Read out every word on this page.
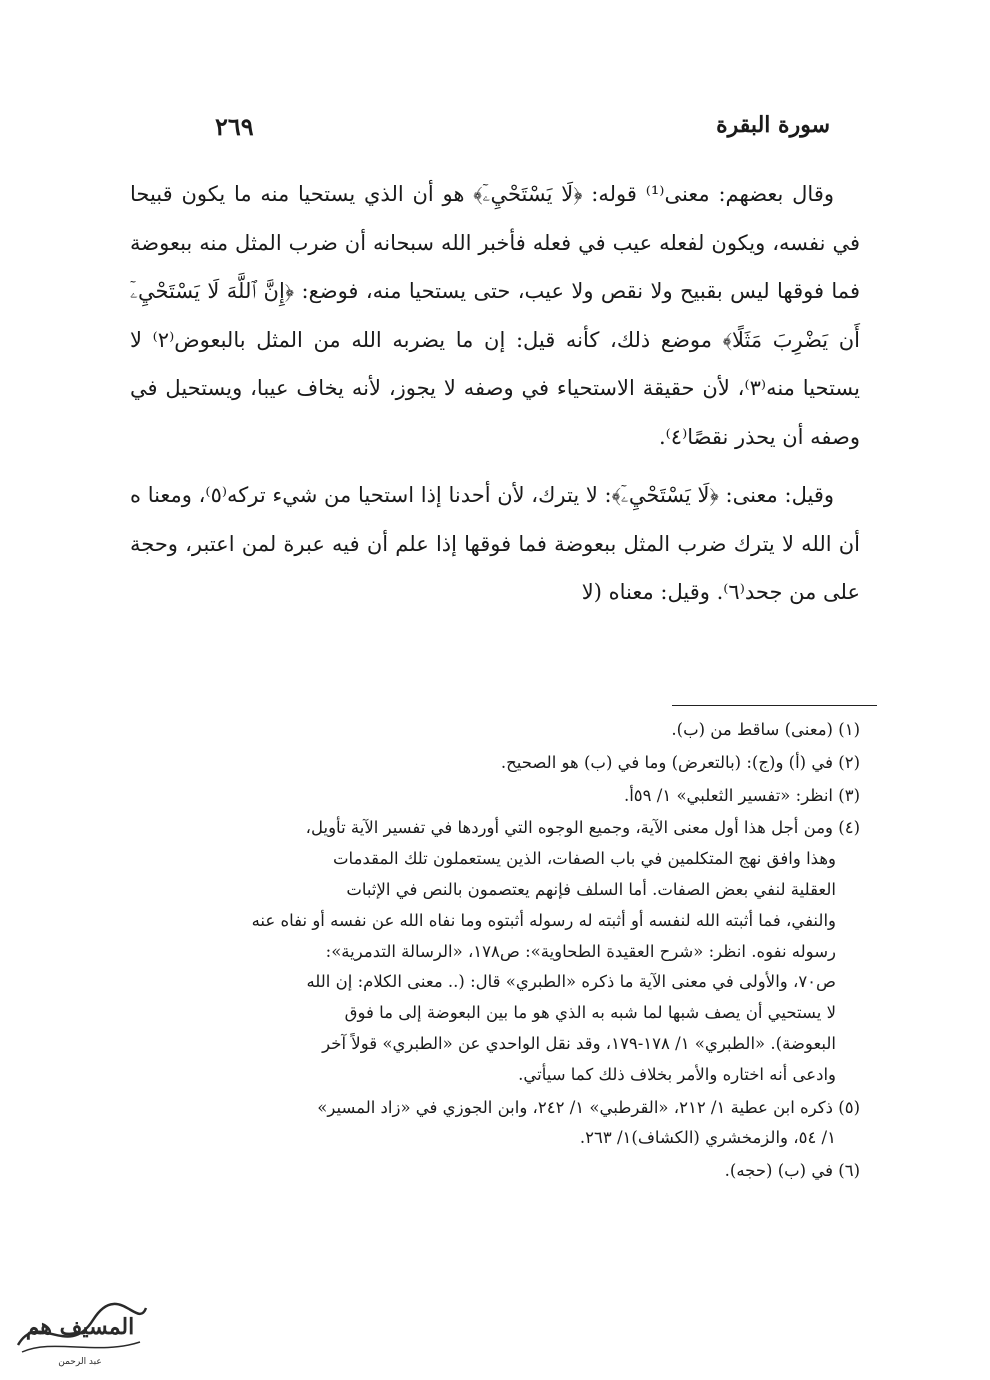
سورة البقرة
٢٦٩

وقال بعضهم: معنى⁽¹⁾ قوله: ﴿لَا يَسْتَحْيِۦٓ﴾ هو أن الذي يستحيا منه ما يكون قبيحا في نفسه، ويكون لفعله عيب في فعله فأخبر الله سبحانه أن ضرب المثل منه ببعوضة فما فوقها ليس بقبيح ولا نقص ولا عيب، حتى يستحيا منه، فوضع: ﴿إِنَّ ٱللَّهَ لَا يَسْتَحْيِۦٓ أَن يَضْرِبَ مَثَلًا﴾ موضع ذلك، كأنه قيل: إن ما يضربه الله من المثل بالبعوض⁽٢⁾ لا يستحيا منه⁽٣⁾، لأن حقيقة الاستحياء في وصفه لا يجوز، لأنه يخاف عيبا، ويستحيل في وصفه أن يحذر نقصًا⁽٤⁾.

وقيل: معنى: ﴿لَا يَسْتَحْيِۦٓ﴾: لا يترك، لأن أحدنا إذا استحيا من شيء تركه⁽٥⁾، ومعنا ه أن الله لا يترك ضرب المثل ببعوضة فما فوقها إذا علم أن فيه عبرة لمن اعتبر، وحجة على من جحد⁽٦⁾. وقيل: معناه (لا

(١) (معنى) ساقط من (ب).
(٢) في (أ) و(ج): (بالتعرض) وما في (ب) هو الصحيح.
(٣) انظر: «تفسير الثعلبي» ١/ ٥٩أ.
(٤) ومن أجل هذا أول معنى الآية، وجميع الوجوه التي أوردها في تفسير الآية تأويل،
وهذا وافق نهج المتكلمين في باب الصفات، الذين يستعملون تلك المقدمات
العقلية لنفي بعض الصفات. أما السلف فإنهم يعتصمون بالنص في الإثبات
والنفي، فما أثبته الله لنفسه أو أثبته له رسوله أثبتوه وما نفاه الله عن نفسه أو نفاه عنه
رسوله نفوه. انظر: «شرح العقيدة الطحاوية»: ص١٧٨، «الرسالة التدمرية»:
ص٧٠، والأولى في معنى الآية ما ذكره «الطبري» قال: (.. معنى الكلام: إن الله
لا يستحيي أن يصف شبها لما شبه به الذي هو ما بين البعوضة إلى ما فوق
البعوضة). «الطبري» ١/ ١٧٨-١٧٩، وقد نقل الواحدي عن «الطبري» قولاً آخر
وادعى أنه اختاره والأمر بخلاف ذلك كما سيأتي.
(٥) ذكره ابن عطية ١/ ٢١٢، «القرطبي» ١/ ٢٤٢، وابن الجوزي في «زاد المسير»
١/ ٥٤، والزمخشري (الكشاف)١/ ٢٦٣.
(٦) في (ب) (حجه).
المسيف هم
عبد الرحمن
